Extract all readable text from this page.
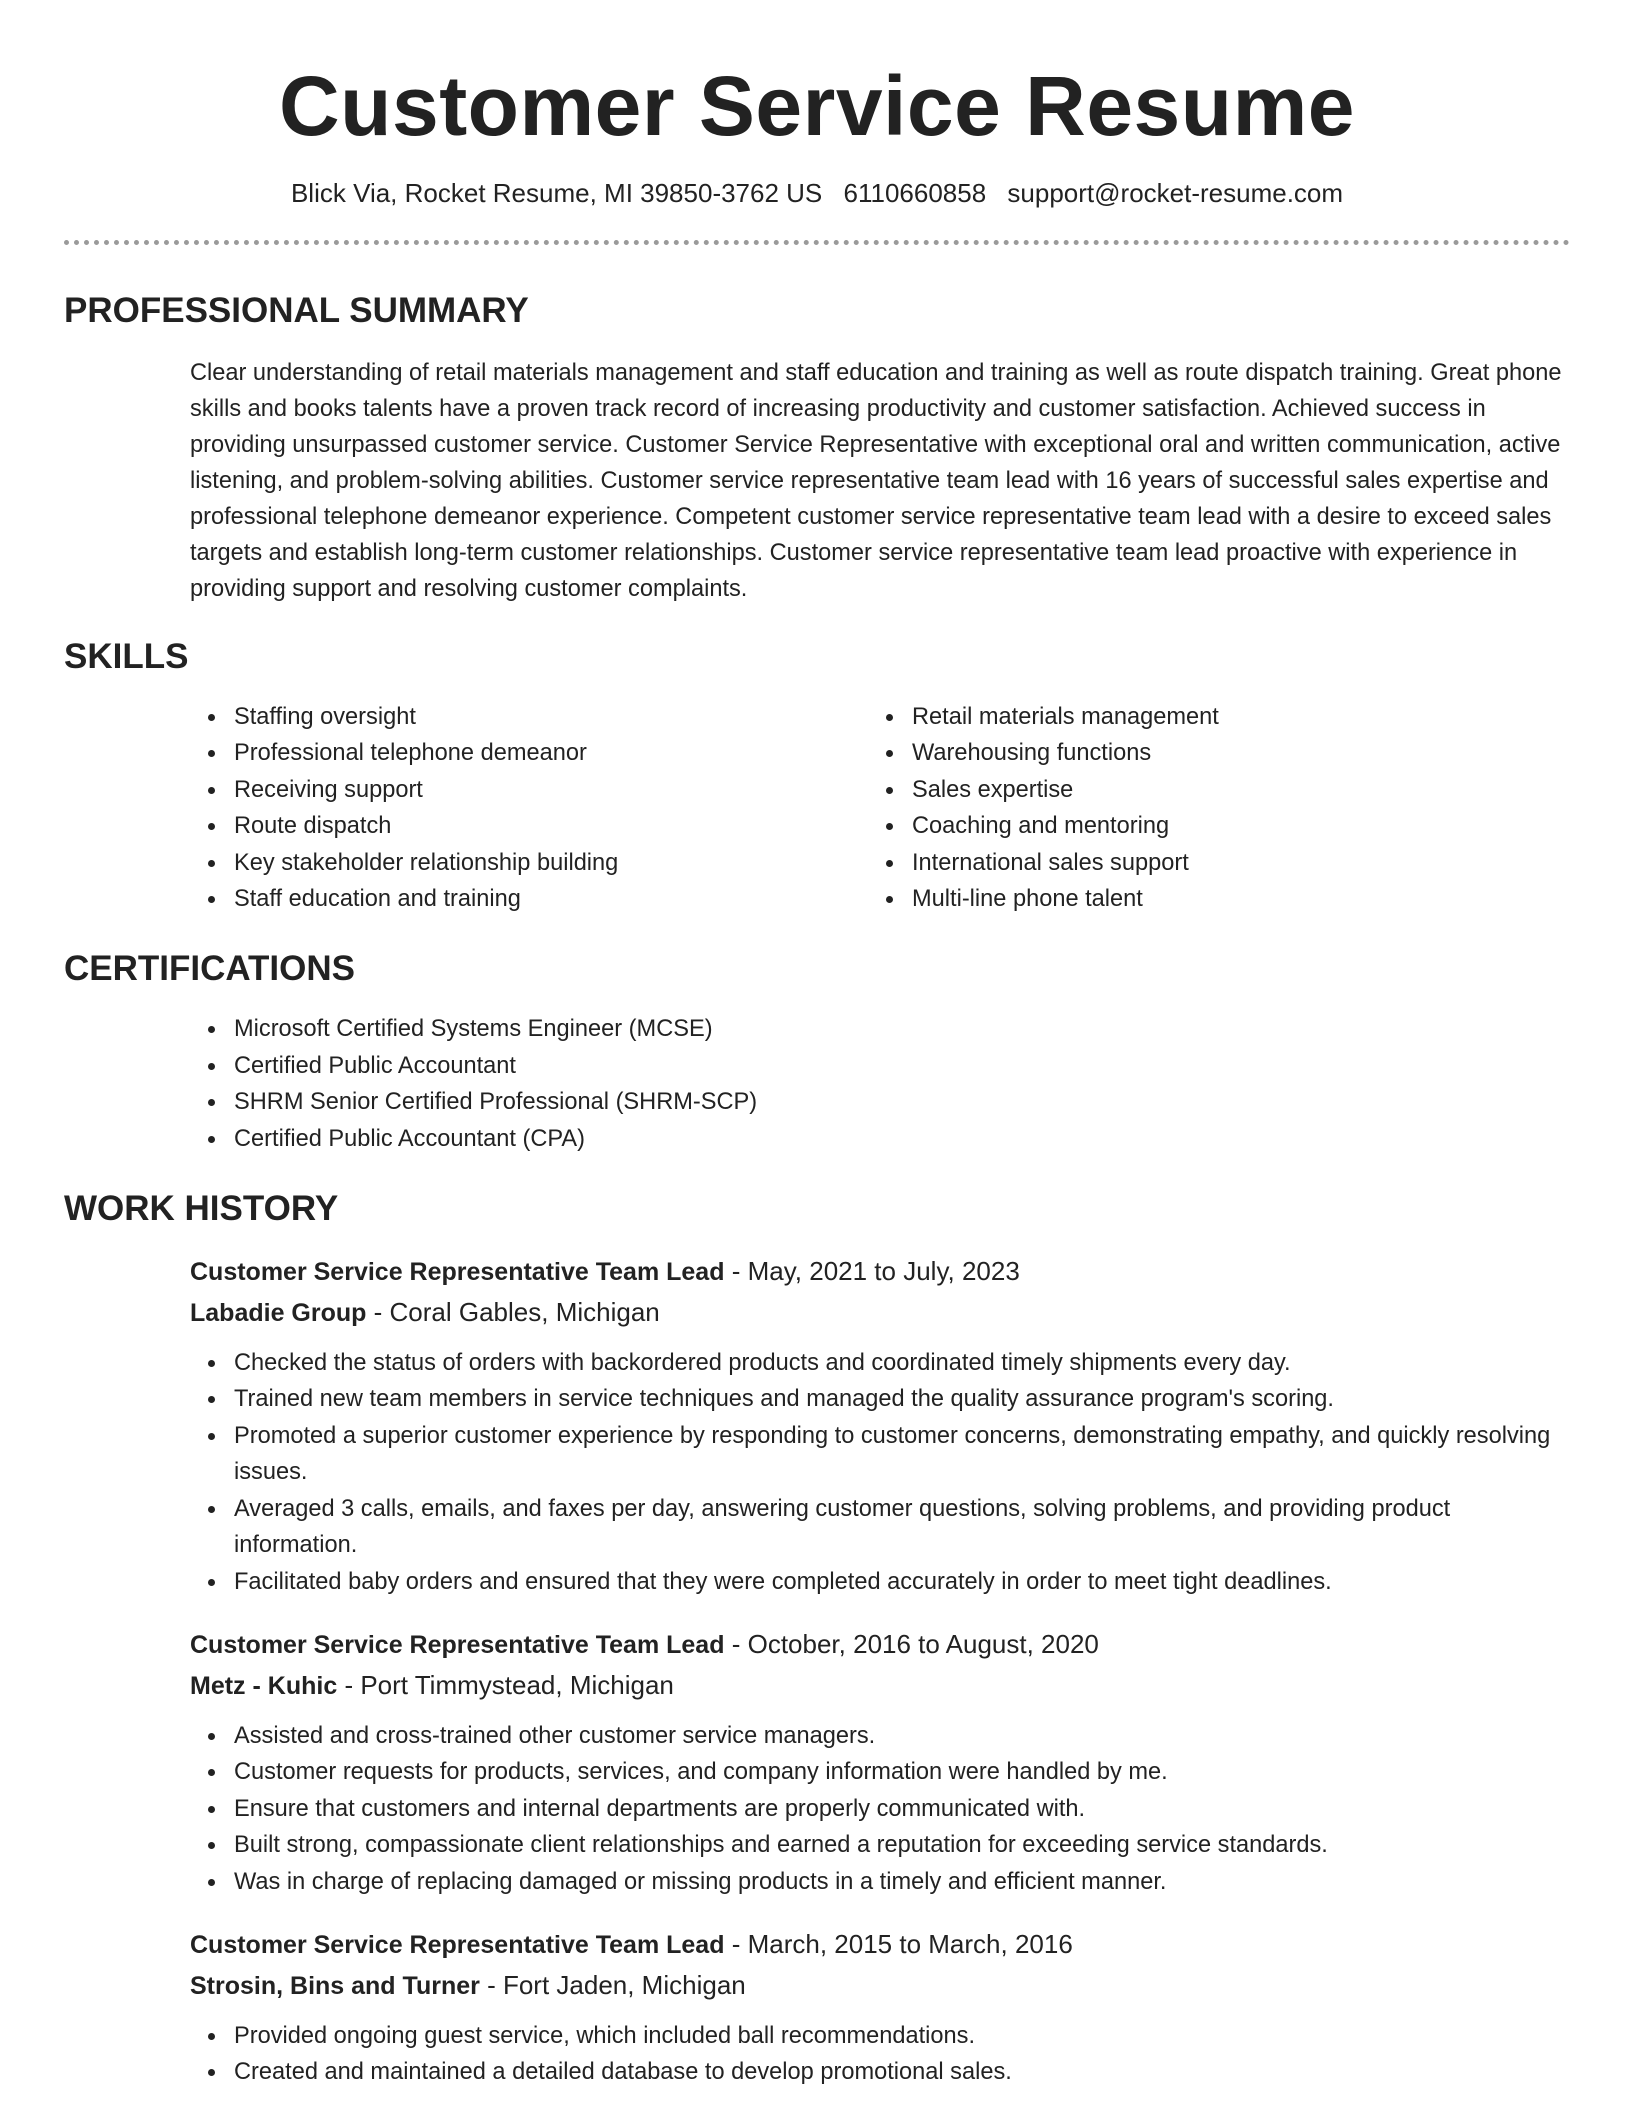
Customer Service Resume
Blick Via, Rocket Resume, MI 39850-3762 US 6110660858 support@rocket-resume.com
PROFESSIONAL SUMMARY

Clear understanding of retail materials management and staff education and training as well as route dispatch training. Great phone skills and books talents have a proven track record of increasing productivity and customer satisfaction. Achieved success in providing unsurpassed customer service. Customer Service Representative with exceptional oral and written communication, active listening, and problem-solving abilities. Customer service representative team lead with 16 years of successful sales expertise and professional telephone demeanor experience. Competent customer service representative team lead with a desire to exceed sales targets and establish long-term customer relationships. Customer service representative team lead proactive with experience in providing support and resolving customer complaints.

SKILLS
Staffing oversight
Professional telephone demeanor
Receiving support
Route dispatch
Key stakeholder relationship building
Staff education and training
Retail materials management
Warehousing functions
Sales expertise
Coaching and mentoring
International sales support
Multi-line phone talent
CERTIFICATIONS
Microsoft Certified Systems Engineer (MCSE)
Certified Public Accountant
SHRM Senior Certified Professional (SHRM-SCP)
Certified Public Accountant (CPA)
WORK HISTORY
Customer Service Representative Team Lead - May, 2021 to July, 2023
Labadie Group - Coral Gables, Michigan
Checked the status of orders with backordered products and coordinated timely shipments every day.
Trained new team members in service techniques and managed the quality assurance program's scoring.
Promoted a superior customer experience by responding to customer concerns, demonstrating empathy, and quickly resolving issues.
Averaged 3 calls, emails, and faxes per day, answering customer questions, solving problems, and providing product information.
Facilitated baby orders and ensured that they were completed accurately in order to meet tight deadlines.
Customer Service Representative Team Lead - October, 2016 to August, 2020
Metz - Kuhic - Port Timmystead, Michigan
Assisted and cross-trained other customer service managers.
Customer requests for products, services, and company information were handled by me.
Ensure that customers and internal departments are properly communicated with.
Built strong, compassionate client relationships and earned a reputation for exceeding service standards.
Was in charge of replacing damaged or missing products in a timely and efficient manner.
Customer Service Representative Team Lead - March, 2015 to March, 2016
Strosin, Bins and Turner - Fort Jaden, Michigan
Provided ongoing guest service, which included ball recommendations.
Created and maintained a detailed database to develop promotional sales.
